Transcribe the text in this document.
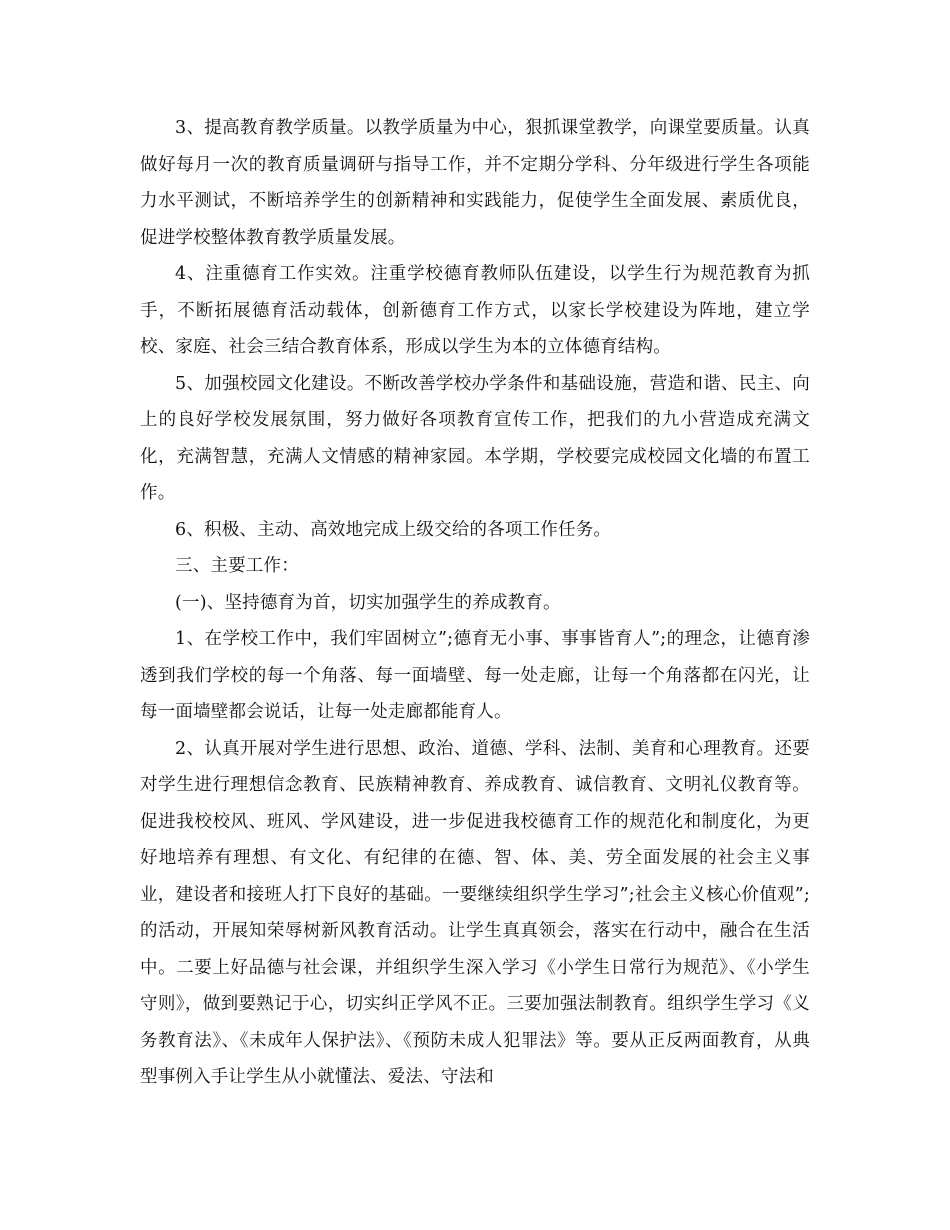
3、提高教育教学质量。以教学质量为中心，狠抓课堂教学，向课堂要质量。认真做好每月一次的教育质量调研与指导工作，并不定期分学科、分年级进行学生各项能力水平测试，不断培养学生的创新精神和实践能力，促使学生全面发展、素质优良，促进学校整体教育教学质量发展。

4、注重德育工作实效。注重学校德育教师队伍建设，以学生行为规范教育为抓手，不断拓展德育活动载体，创新德育工作方式，以家长学校建设为阵地，建立学校、家庭、社会三结合教育体系，形成以学生为本的立体德育结构。

5、加强校园文化建设。不断改善学校办学条件和基础设施，营造和谐、民主、向上的良好学校发展氛围，努力做好各项教育宣传工作，把我们的九小营造成充满文化，充满智慧，充满人文情感的精神家园。本学期，学校要完成校园文化墙的布置工作。

6、积极、主动、高效地完成上级交给的各项工作任务。

三、主要工作：

(一)、坚持德育为首，切实加强学生的养成教育。

1、在学校工作中，我们牢固树立”;德育无小事、事事皆育人”;的理念，让德育渗透到我们学校的每一个角落、每一面墙壁、每一处走廊，让每一个角落都在闪光，让每一面墙壁都会说话，让每一处走廊都能育人。

2、认真开展对学生进行思想、政治、道德、学科、法制、美育和心理教育。还要对学生进行理想信念教育、民族精神教育、养成教育、诚信教育、文明礼仪教育等。促进我校校风、班风、学风建设，进一步促进我校德育工作的规范化和制度化，为更好地培养有理想、有文化、有纪律的在德、智、体、美、劳全面发展的社会主义事业，建设者和接班人打下良好的基础。一要继续组织学生学习”;社会主义核心价值观”;的活动，开展知荣辱树新风教育活动。让学生真真领会，落实在行动中，融合在生活中。二要上好品德与社会课，并组织学生深入学习《小学生日常行为规范》、《小学生守则》，做到要熟记于心，切实纠正学风不正。三要加强法制教育。组织学生学习《义务教育法》、《未成年人保护法》、《预防未成人犯罪法》等。要从正反两面教育，从典型事例入手让学生从小就懂法、爱法、守法和
